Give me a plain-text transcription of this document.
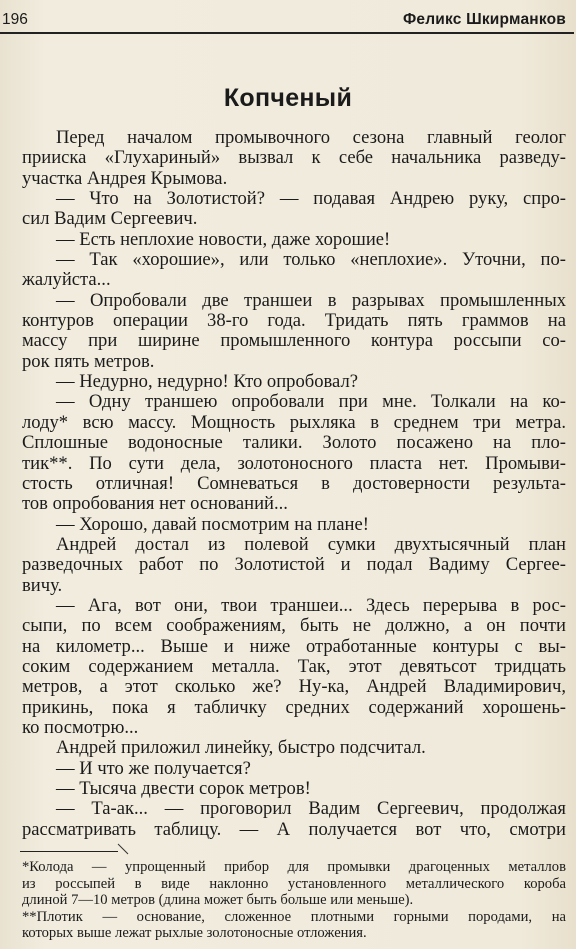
196	Феликс Шкирманков
Копченый
Перед началом промывочного сезона главный геолог
прииска «Глухариный» вызвал к себе начальника разведу-
участка Андрея Крымова.
— Что на Золотистой? — подавая Андрею руку, спро-
сил Вадим Сергеевич.
— Есть неплохие новости, даже хорошие!
— Так «хорошие», или только «неплохие». Уточни, по-
жалуйста...
— Опробовали две траншеи в разрывах промышленных
контуров операции 38-го года. Тридать пять граммов на
массу при ширине промышленного контура россыпи со-
рок пять метров.
— Недурно, недурно! Кто опробовал?
— Одну траншею опробовали при мне. Толкали на ко-
лоду* всю массу. Мощность рыхляка в среднем три метра.
Сплошные водоносные талики. Золото посажено на пло-
тик**. По сути дела, золотоносного пласта нет. Промыви-
стость отличная! Сомневаться в достоверности результа-
тов опробования нет оснований...
— Хорошо, давай посмотрим на плане!
Андрей достал из полевой сумки двухтысячный план
разведочных работ по Золотистой и подал Вадиму Сергее-
вичу.
— Ага, вот они, твои траншеи... Здесь перерыва в рос-
сыпи, по всем соображениям, быть не должно, а он почти
на километр... Выше и ниже отработанные контуры с вы-
соким содержанием металла. Так, этот девятьсот тридцать
метров, а этот сколько же? Ну-ка, Андрей Владимирович,
прикинь, пока я табличку средних содержаний хорошень-
ко посмотрю...
Андрей приложил линейку, быстро подсчитал.
— И что же получается?
— Тысяча двести сорок метров!
— Та-ак... — проговорил Вадим Сергеевич, продолжая
рассматривать таблицу. — А получается вот что, смотри
*Колода — упрощенный прибор для промывки драгоценных металлов
из россыпей в виде наклонно установленного металлического короба
длиной 7—10 метров (длина может быть больше или меньше).
**Плотик — основание, сложенное плотными горными породами, на
которых выше лежат рыхлые золотоносные отложения.
